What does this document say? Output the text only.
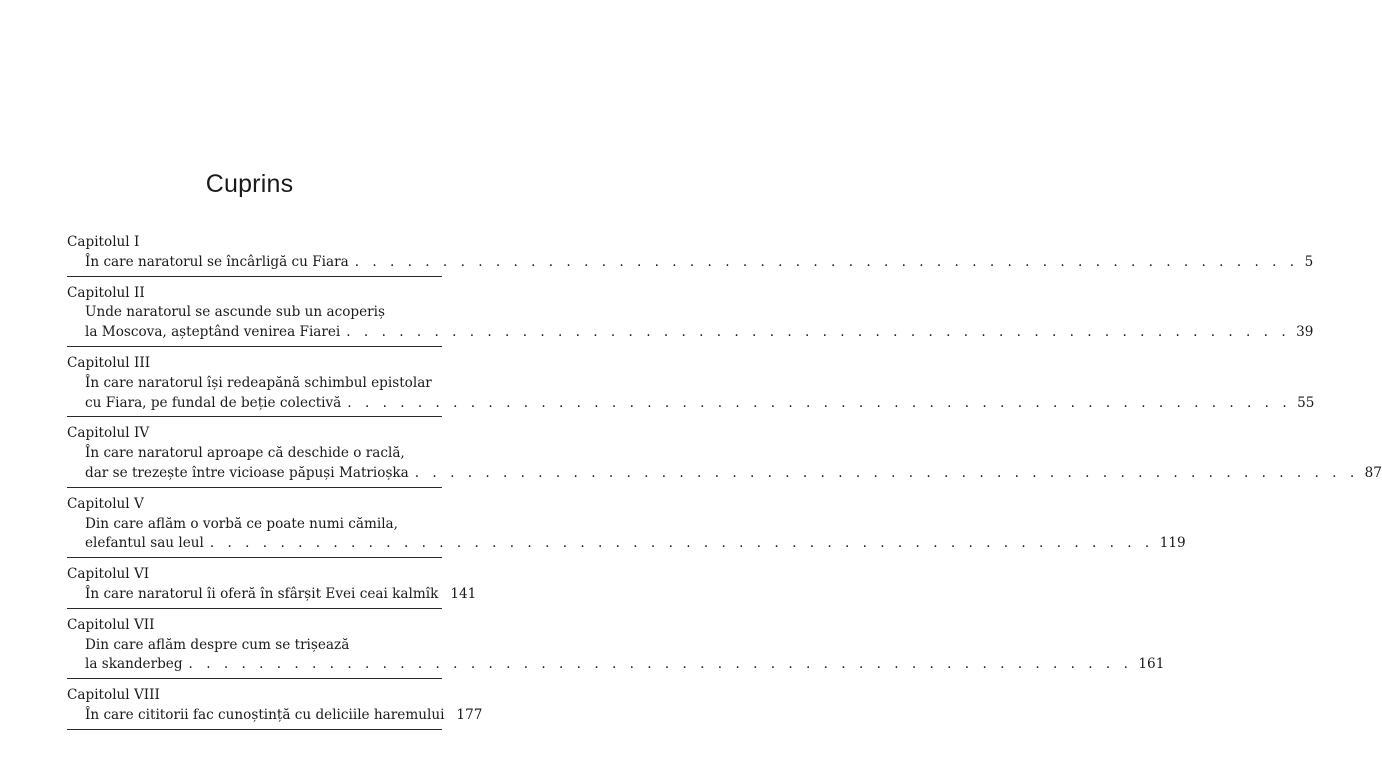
Cuprins
Capitolul I
În care naratorul se încârligă cu Fiara . . . . . . . . . . . . . . . . . . . . . . . . . . . . . . . . . . . . . . . . . . . . . . . . . . . . . . 5
Capitolul II
Unde naratorul se ascunde sub un acoperiș
la Moscova, așteptând venirea Fiarei . . . . . . . . . . . . . . . . . . . . . . . . . . . . . . . . . . . . . . . . . . . . . . . . . . . . . . 39
Capitolul III
În care naratorul își redeapănă schimbul epistolar
cu Fiara, pe fundal de beție colectivă . . . . . . . . . . . . . . . . . . . . . . . . . . . . . . . . . . . . . . . . . . . . . . . . . . . . . . 55
Capitolul IV
În care naratorul aproape că deschide o raclă,
dar se trezește între vicioase păpuși Matrioșka . . . . . . . . . . . . . . . . . . . . . . . . . . . . . . . . . . . . . . . . . . . . . . . . . . . . . . 87
Capitolul V
Din care aflăm o vorbă ce poate numi cămila,
elefantul sau leul . . . . . . . . . . . . . . . . . . . . . . . . . . . . . . . . . . . . . . . . . . . . . . . . . . . . . . 119
Capitolul VI
În care naratorul îi oferă în sfârșit Evei ceai kalmîk 141
Capitolul VII
Din care aflăm despre cum se trișează
la skanderbeg . . . . . . . . . . . . . . . . . . . . . . . . . . . . . . . . . . . . . . . . . . . . . . . . . . . . . . 161
Capitolul VIII
În care cititorii fac cunoștință cu deliciile haremului 177
